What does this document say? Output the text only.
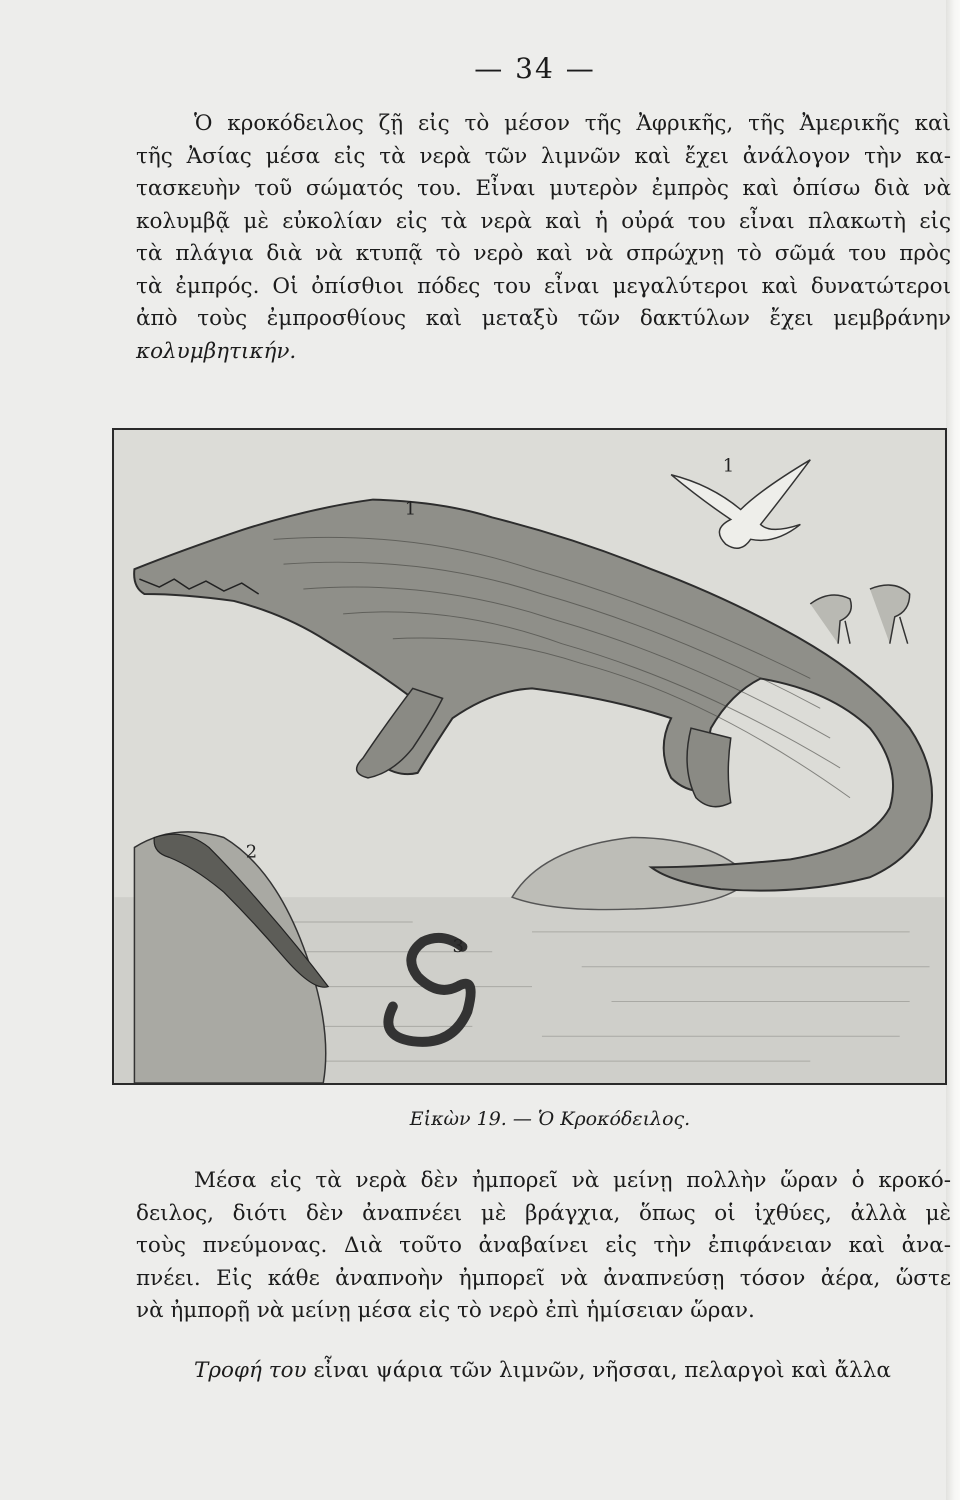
— 34 —

Ὁ κροκόδειλος ζῇ εἰς τὸ μέσον τῆς Ἀφρικῆς, τῆς Ἀμερικῆς καὶ
τῆς Ἀσίας μέσα εἰς τὰ νερὰ τῶν λιμνῶν καὶ ἔχει ἀνάλογον τὴν κα-
τασκευὴν τοῦ σώματός του. Εἶναι μυτερὸν ἐμπρὸς καὶ ὀπίσω διὰ νὰ
κολυμβᾷ μὲ εὐκολίαν εἰς τὰ νερὰ καὶ ἡ οὐρά του εἶναι πλακωτὴ εἰς
τὰ πλάγια διὰ νὰ κτυπᾷ τὸ νερὸ καὶ νὰ σπρώχνῃ τὸ σῶμά του πρὸς
τὰ ἐμπρός. Οἱ ὀπίσθιοι πόδες του εἶναι μεγαλύτεροι καὶ δυνατώτεροι
ἀπὸ τοὺς ἐμπροσθίους καὶ μεταξὺ τῶν δακτύλων ἔχει μεμβράνην
κολυμβητικήν.

1
1
2
3
Εἰκὼν 19. — Ὁ Κροκόδειλος.

Μέσα εἰς τὰ νερὰ δὲν ἠμπορεῖ νὰ μείνῃ πολλὴν ὥραν ὁ κροκό-
δειλος, διότι δὲν ἀναπνέει μὲ βράγχια, ὅπως οἱ ἰχθύες, ἀλλὰ μὲ
τοὺς πνεύμονας. Διὰ τοῦτο ἀναβαίνει εἰς τὴν ἐπιφάνειαν καὶ ἀνα-
πνέει. Εἰς κάθε ἀναπνοὴν ἠμπορεῖ νὰ ἀναπνεύσῃ τόσον ἀέρα, ὥστε
νὰ ἠμπορῇ νὰ μείνῃ μέσα εἰς τὸ νερὸ ἐπὶ ἡμίσειαν ὥραν.

Τροφή του εἶναι ψάρια τῶν λιμνῶν, νῆσσαι, πελαργοὶ καὶ ἄλλα
